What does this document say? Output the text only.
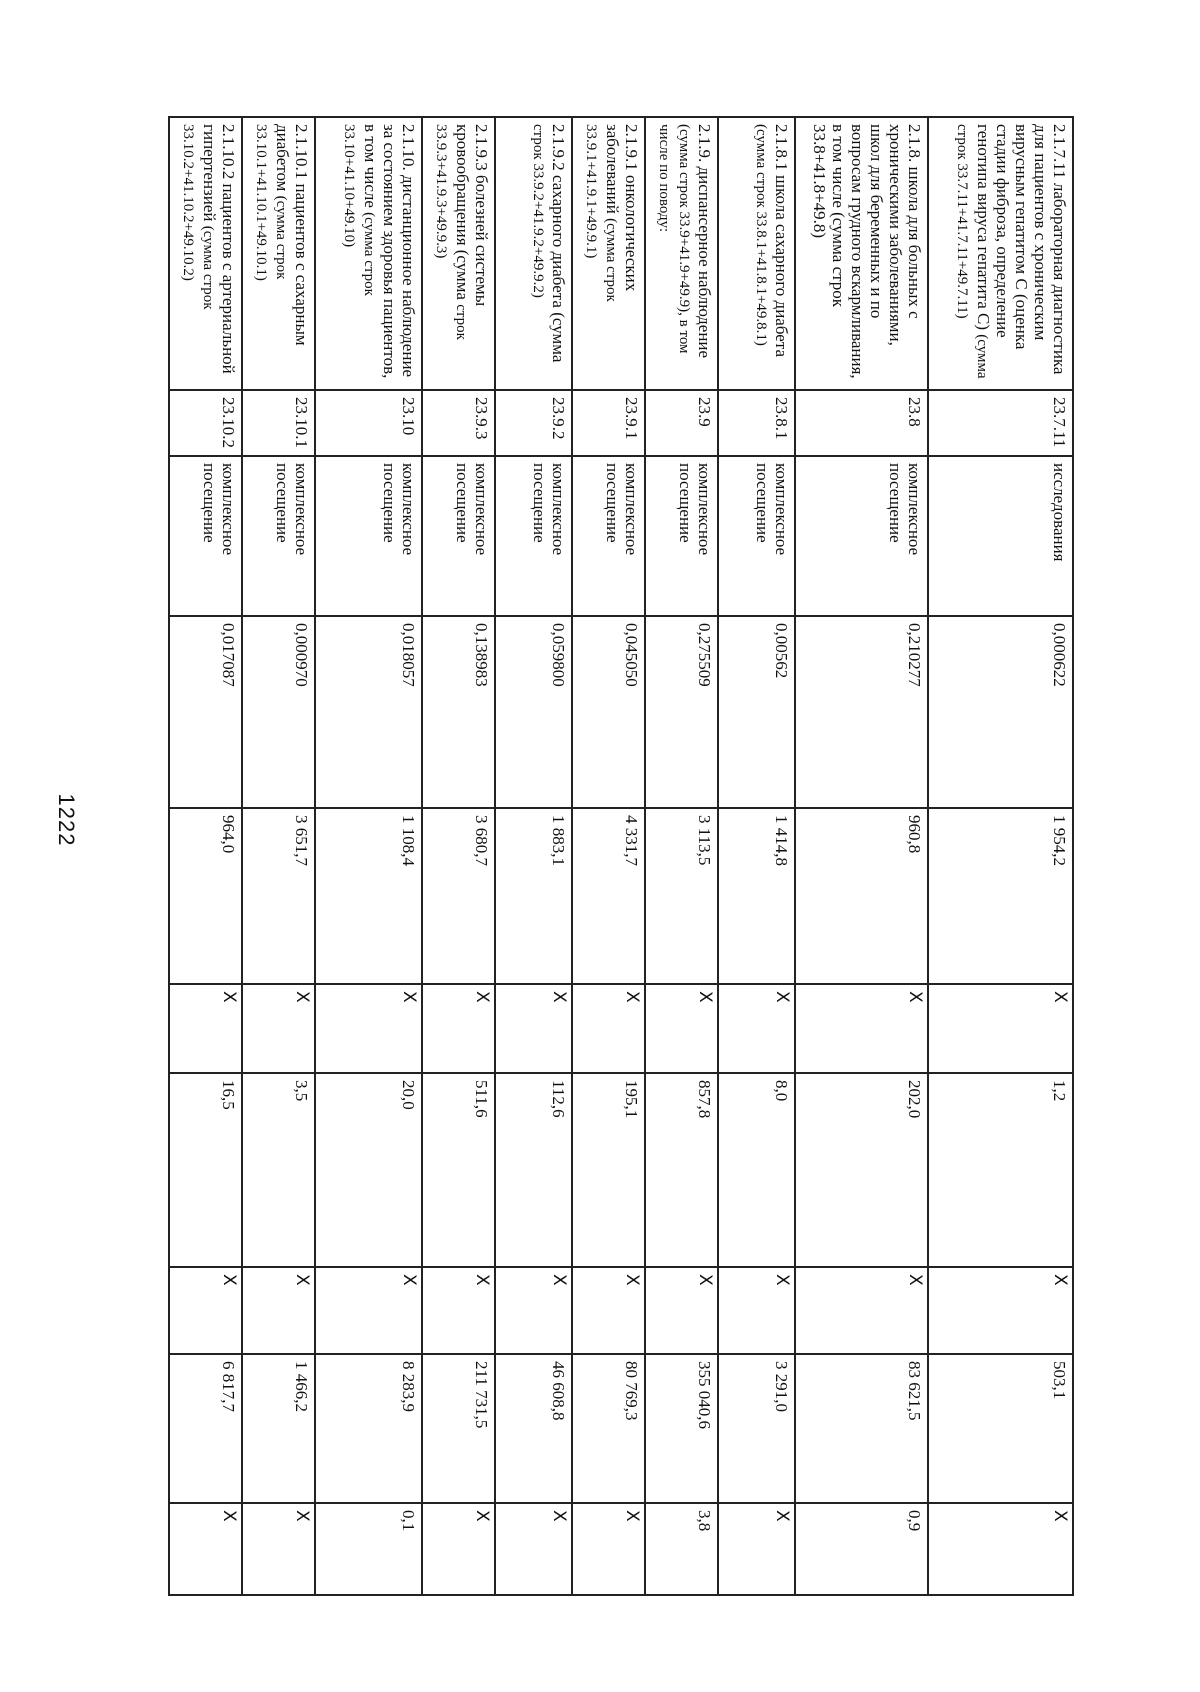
1222
2.1.7.11 лабораторная диагностика для пациентов с хроническим вирусным гепатитом С (оценка стадии фиброза, определение генотипа вируса гепатита С) (сумма строк 33.7.11+41.7.11+49.7.11)	23.7.11	исследования	0,000622	1 954,2	X	1,2	X	503,1	X
2.1.8. школа для больных с хроническими заболеваниями, школ для беременных и по вопросам грудного вскармливания, в том числе (сумма строк 33.8+41.8+49.8)	23.8	комплексное посещение	0,210277	960,8	X	202,0	X	83 621,5	0,9
2.1.8.1 школа сахарного диабета (сумма строк 33.8.1+41.8.1+49.8.1)	23.8.1	комплексное посещение	0,00562	1 414,8	X	8,0	X	3 291,0	X
2.1.9. диспансерное наблюдение (сумма строк 33.9+41.9+49.9), в том числе по поводу:	23.9	комплексное посещение	0,275509	3 113,5	X	857,8	X	355 040,6	3,8
2.1.9.1 онкологических заболеваний (сумма строк 33.9.1+41.9.1+49.9.1)	23.9.1	комплексное посещение	0,045050	4 331,7	X	195,1	X	80 769,3	X
2.1.9.2 сахарного диабета (сумма строк 33.9.2+41.9.2+49.9.2)	23.9.2	комплексное посещение	0,059800	1 883,1	X	112,6	X	46 608,8	X
2.1.9.3 болезней системы кровообращения (сумма строк 33.9.3+41.9.3+49.9.3)	23.9.3	комплексное посещение	0,138983	3 680,7	X	511,6	X	211 731,5	X
2.1.10. дистанционное наблюдение за состоянием здоровья пациентов, в том числе (сумма строк 33.10+41.10+49.10)	23.10	комплексное посещение	0,018057	1 108,4	X	20,0	X	8 283,9	0,1
2.1.10.1 пациентов с сахарным диабетом (сумма строк 33.10.1+41.10.1+49.10.1)	23.10.1	комплексное посещение	0,000970	3 651,7	X	3,5	X	1 466,2	X
2.1.10.2 пациентов с артериальной гипертензией (сумма строк 33.10.2+41.10.2+49.10.2)	23.10.2	комплексное посещение	0,017087	964,0	X	16,5	X	6 817,7	X
